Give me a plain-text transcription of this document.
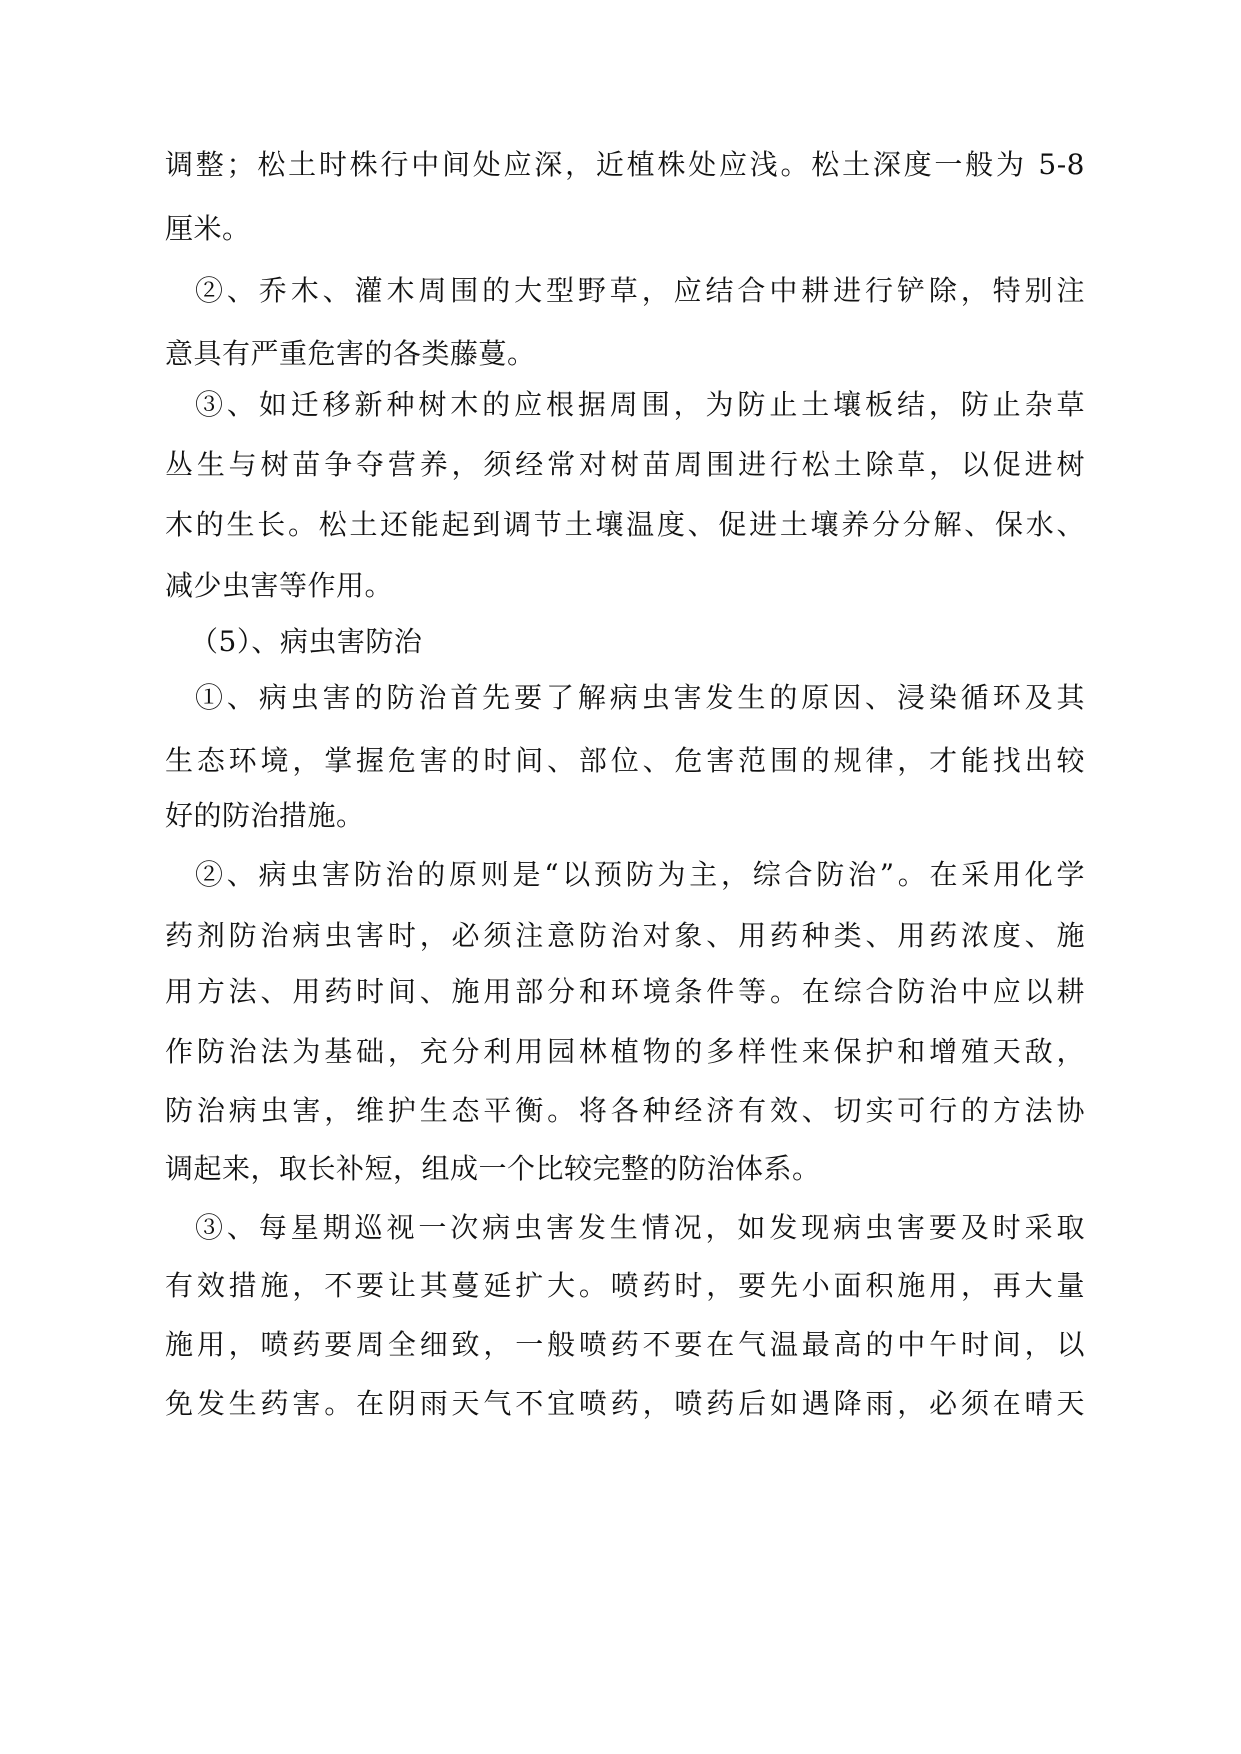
调整；松土时株行中间处应深，近植株处应浅。松土深度一般为 5-8
厘米。
②、乔木、灌木周围的大型野草，应结合中耕进行铲除，特别注
意具有严重危害的各类藤蔓。
③、如迁移新种树木的应根据周围，为防止土壤板结，防止杂草
丛生与树苗争夺营养，须经常对树苗周围进行松土除草，以促进树
木的生长。松土还能起到调节土壤温度、促进土壤养分分解、保水、
减少虫害等作用。
（5）、病虫害防治
①、病虫害的防治首先要了解病虫害发生的原因、浸染循环及其
生态环境，掌握危害的时间、部位、危害范围的规律，才能找出较
好的防治措施。
②、病虫害防治的原则是“以预防为主，综合防治”。在采用化学
药剂防治病虫害时，必须注意防治对象、用药种类、用药浓度、施
用方法、用药时间、施用部分和环境条件等。在综合防治中应以耕
作防治法为基础，充分利用园林植物的多样性来保护和增殖天敌，
防治病虫害，维护生态平衡。将各种经济有效、切实可行的方法协
调起来，取长补短，组成一个比较完整的防治体系。
③、每星期巡视一次病虫害发生情况，如发现病虫害要及时采取
有效措施，不要让其蔓延扩大。喷药时，要先小面积施用，再大量
施用，喷药要周全细致，一般喷药不要在气温最高的中午时间，以
免发生药害。在阴雨天气不宜喷药，喷药后如遇降雨，必须在晴天
